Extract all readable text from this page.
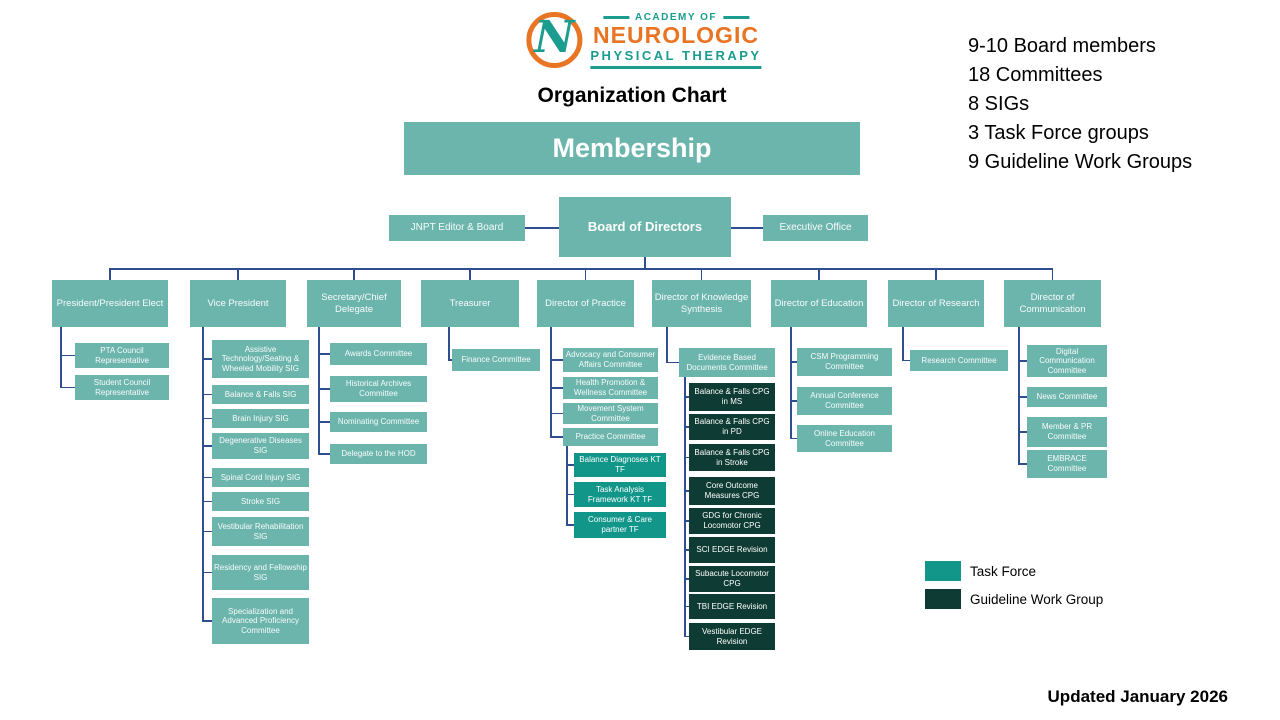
N	ACADEMY OF
NEUROLOGIC
PHYSICAL THERAPY
Organization Chart
Membership
9-10 Board members
18 Committees
8 SIGs
3 Task Force groups
9 Guideline Work Groups
JNPT Editor & Board	Board of Directors	Executive Office
President/President Elect
PTA Council Representative
Student Council Representative
Vice President
Assistive Technology/Seating & Wheeled Mobility SIG
Balance & Falls SIG
Brain Injury SIG
Degenerative Diseases SIG
Spinal Cord Injury SIG
Stroke SIG
Vestibular Rehabilitation SIG
Residency and Fellowship SIG
Specialization and Advanced Proficiency Committee
Secretary/Chief Delegate
Awards Committee
Historical Archives Committee
Nominating Committee
Delegate to the HOD
Treasurer
Finance Committee
Director of Practice
Advocacy and Consumer Affairs Committee
Health Promotion & Wellness Committee
Movement System Committee
Practice Committee
Balance Diagnoses KT TF
Task Analysis Framework KT TF
Consumer & Care partner TF
Director of Knowledge Synthesis
Evidence Based Documents Committee
Balance & Falls CPG in MS
Balance & Falls CPG in PD
Balance & Falls CPG in Stroke
Core Outcome Measures CPG
GDG for Chronic Locomotor CPG
SCI EDGE Revision
Subacute Locomotor CPG
TBI EDGE Revision
Vestibular EDGE Revision
Director of Education
CSM Programming Committee
Annual Conference Committee
Online Education Committee
Director of Research
Research Committee
Director of Communication
Digital Communication Committee
News Committee
Member & PR Committee
EMBRACE Committee
Task Force
Guideline Work Group
Updated January 2026
